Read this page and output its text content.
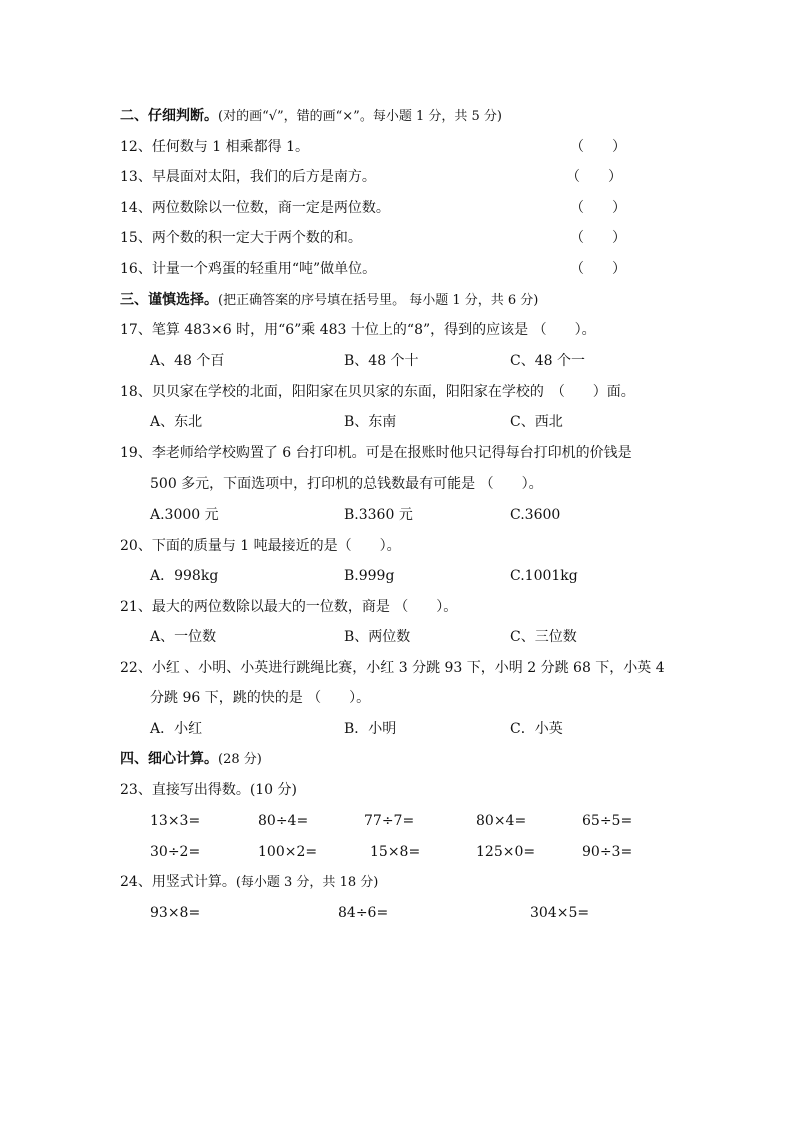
二、仔细判断。(对的画“√”，错的画“×”。每小题 1 分，共 5 分)
12、任何数与 1 相乘都得 1。	（　　）
13、早晨面对太阳，我们的后方是南方。	（　　）
14、两位数除以一位数，商一定是两位数。	（　　）
15、两个数的积一定大于两个数的和。	（　　）
16、计量一个鸡蛋的轻重用“吨”做单位。	（　　）
三、谨慎选择。(把正确答案的序号填在括号里。 每小题 1 分，共 6 分)
17、笔算 483×6 时，用“6”乘 483 十位上的“8”，得到的应该是 （　　）。
A、48 个百	B、48 个十	C、48 个一
18、贝贝家在学校的北面，阳阳家在贝贝家的东面，阳阳家在学校的　（　　）面。
A、东北	B、东南	C、西北
19、李老师给学校购置了 6 台打印机。可是在报账时他只记得每台打印机的价钱是
500 多元，下面选项中，打印机的总钱数最有可能是 （　　）。
A.3000 元	B.3360 元	C.3600
20、下面的质量与 1 吨最接近的是（　　）。
A．998kg	B.999g	C.1001kg
21、最大的两位数除以最大的一位数，商是 （　　）。
A、一位数	B、两位数	C、三位数
22、小红 、小明、小英进行跳绳比赛，小红 3 分跳 93 下，小明 2 分跳 68 下，小英 4
分跳 96 下，跳的快的是 （　　）。
A．小红	B．小明	C．小英
四、细心计算。(28 分)
23、直接写出得数。(10 分)
13×3=	80÷4=	77÷7=	80×4=	65÷5=
30÷2=	100×2=	15×8=	125×0=	90÷3=
24、用竖式计算。(每小题 3 分，共 18 分)
93×8=	84÷6=	304×5=
